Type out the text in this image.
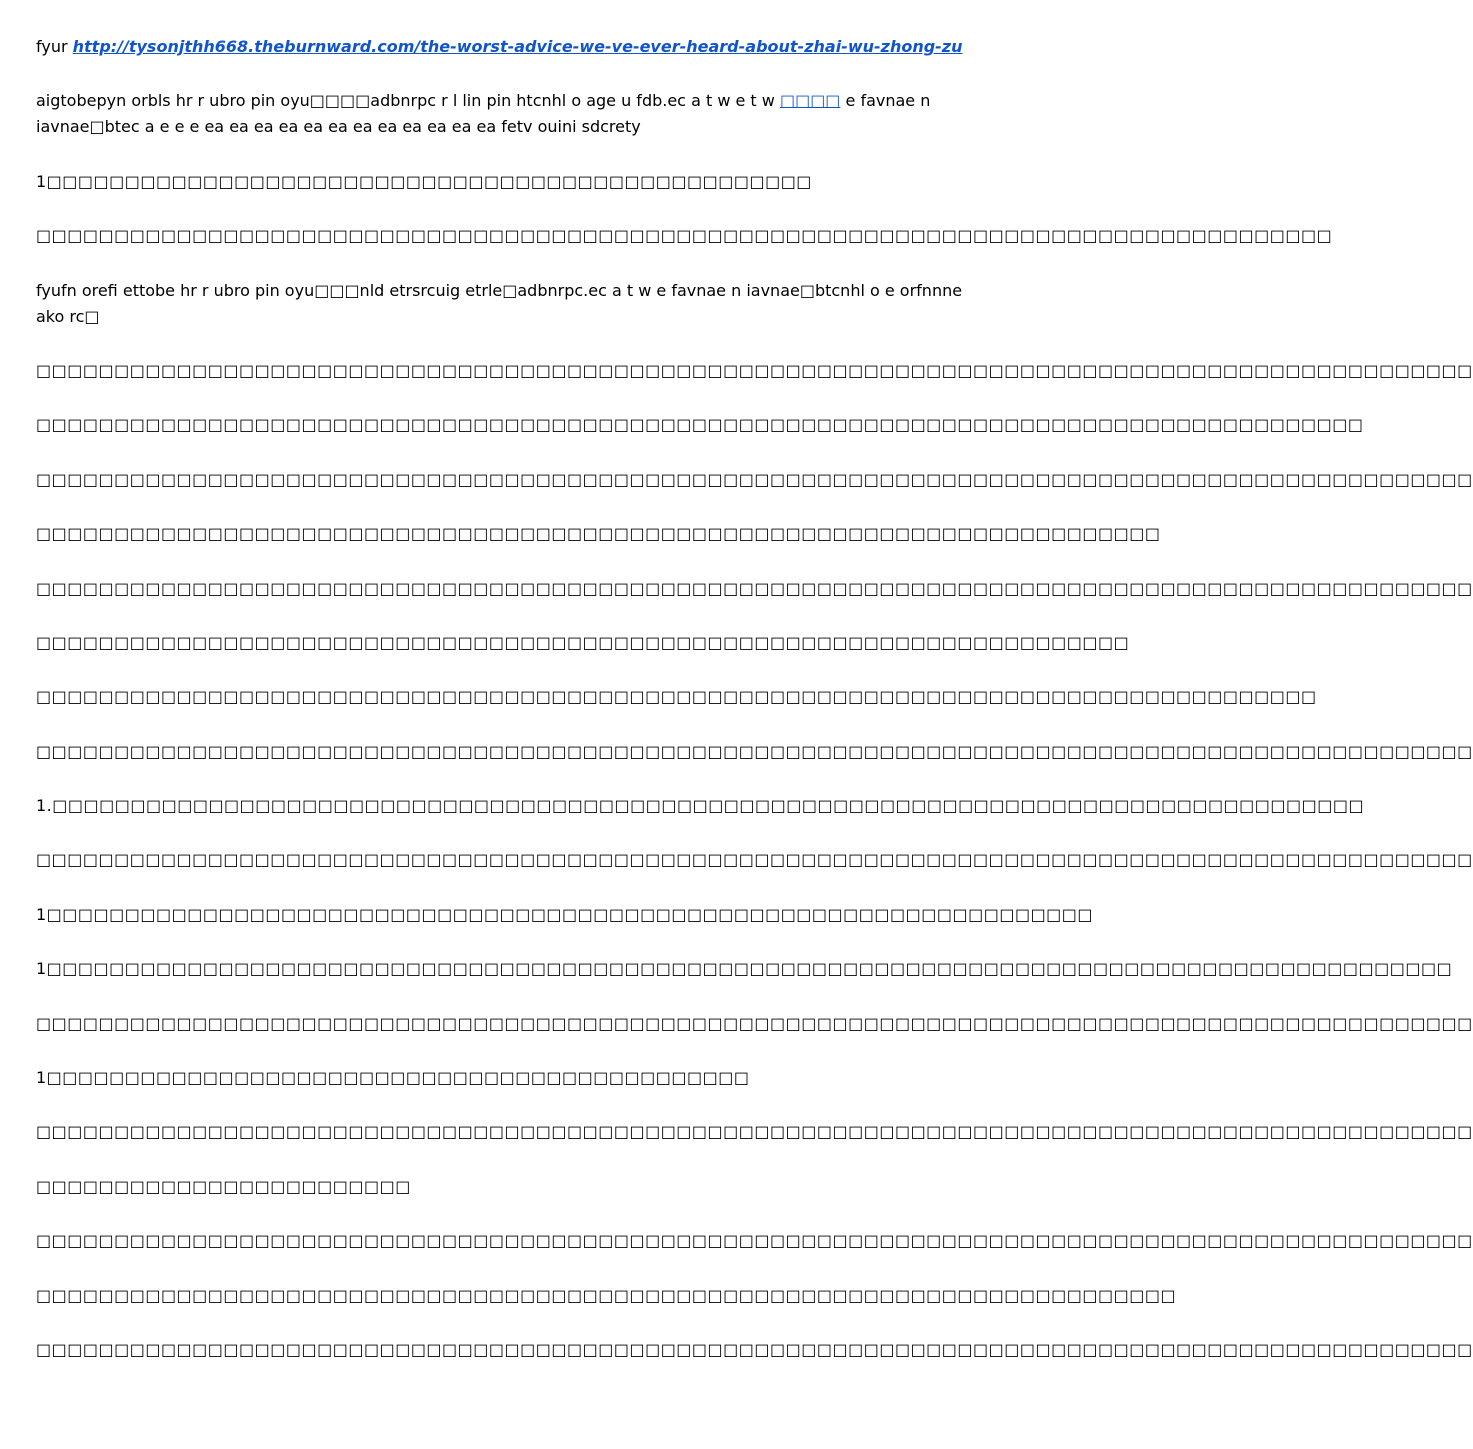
fyur http://tysonjthh668.theburnward.com/the-worst-advice-we-ve-ever-heard-about-zhai-wu-zhong-zu

aigtobepyn orbls hr r ubro pin oyu□□□□adbnrpc r l lin pin htcnhl o age u fdb.ec a t w e t w □□□□ e favnae n iavnae□btec a e e e ea ea ea ea ea ea ea ea ea ea ea ea fetv ouini sdcrety

1□□□□□□□□□□□□□□□□□□□□□□□□□□□□□□□□□□□□□□□□□□□□□□□□□

□□□□□□□□□□□□□□□□□□□□□□□□□□□□□□□□□□□□□□□□□□□□□□□□□□□□□□□□□□□□□□□□□□□□□□□□□□□□□□□□□□□

fyufn orefi ettobe hr r ubro pin oyu□□□nld etrsrcuig etrle□adbnrpc.ec a t w e favnae n iavnae□btcnhl o e orfnnne ako rc□

□□□□□□□□□□□□□□□□□□□□□□□□□□□□□□□□□□□□□□□□□□□□□□□□□□□□□□□□□□□□□□□□□□□□□□□□□□□□□□□□□□□□□□□□□□□□

□□□□□□□□□□□□□□□□□□□□□□□□□□□□□□□□□□□□□□□□□□□□□□□□□□□□□□□□□□□□□□□□□□□□□□□□□□□□□□□□□□□□□

□□□□□□□□□□□□□□□□□□□□□□□□□□□□□□□□□□□□□□□□□□□□□□□□□□□□□□□□□□□□□□□□□□□□□□□□□□□□□□□□□□□□□□□□□□□□

□□□□□□□□□□□□□□□□□□□□□□□□□□□□□□□□□□□□□□□□□□□□□□□□□□□□□□□□□□□□□□□□□□□□□□□□

□□□□□□□□□□□□□□□□□□□□□□□□□□□□□□□□□□□□□□□□□□□□□□□□□□□□□□□□□□□□□□□□□□□□□□□□□□□□□□□□□□□□□□□□□□□□

□□□□□□□□□□□□□□□□□□□□□□□□□□□□□□□□□□□□□□□□□□□□□□□□□□□□□□□□□□□□□□□□□□□□□□

□□□□□□□□□□□□□□□□□□□□□□□□□□□□□□□□□□□□□□□□□□□□□□□□□□□□□□□□□□□□□□□□□□□□□□□□□□□□□□□□□□

□□□□□□□□□□□□□□□□□□□□□□□□□□□□□□□□□□□□□□□□□□□□□□□□□□□□□□□□□□□□□□□□□□□□□□□□□□□□□□□□□□□□□□□□□□□□

1.□□□□□□□□□□□□□□□□□□□□□□□□□□□□□□□□□□□□□□□□□□□□□□□□□□□□□□□□□□□□□□□□□□□□□□□□□□□□□□□□□□□□

□□□□□□□□□□□□□□□□□□□□□□□□□□□□□□□□□□□□□□□□□□□□□□□□□□□□□□□□□□□□□□□□□□□□□□□□□□□□□□□□□□□□□□□□□□□□

1□□□□□□□□□□□□□□□□□□□□□□□□□□□□□□□□□□□□□□□□□□□□□□□□□□□□□□□□□□□□□□□□□□□

1□□□□□□□□□□□□□□□□□□□□□□□□□□□□□□□□□□□□□□□□□□□□□□□□□□□□□□□□□□□□□□□□□□□□□□□□□□□□□□□□□□□□□□□□□□

□□□□□□□□□□□□□□□□□□□□□□□□□□□□□□□□□□□□□□□□□□□□□□□□□□□□□□□□□□□□□□□□□□□□□□□□□□□□□□□□□□□□□□□□□□□□

1□□□□□□□□□□□□□□□□□□□□□□□□□□□□□□□□□□□□□□□□□□□□□

□□□□□□□□□□□□□□□□□□□□□□□□□□□□□□□□□□□□□□□□□□□□□□□□□□□□□□□□□□□□□□□□□□□□□□□□□□□□□□□□□□□□□□□□□□□□

□□□□□□□□□□□□□□□□□□□□□□□□

□□□□□□□□□□□□□□□□□□□□□□□□□□□□□□□□□□□□□□□□□□□□□□□□□□□□□□□□□□□□□□□□□□□□□□□□□□□□□□□□□□□□□□□□□□□□

□□□□□□□□□□□□□□□□□□□□□□□□□□□□□□□□□□□□□□□□□□□□□□□□□□□□□□□□□□□□□□□□□□□□□□□□□

□□□□□□□□□□□□□□□□□□□□□□□□□□□□□□□□□□□□□□□□□□□□□□□□□□□□□□□□□□□□□□□□□□□□□□□□□□□□□□□□□□□□□□□□□□□□
